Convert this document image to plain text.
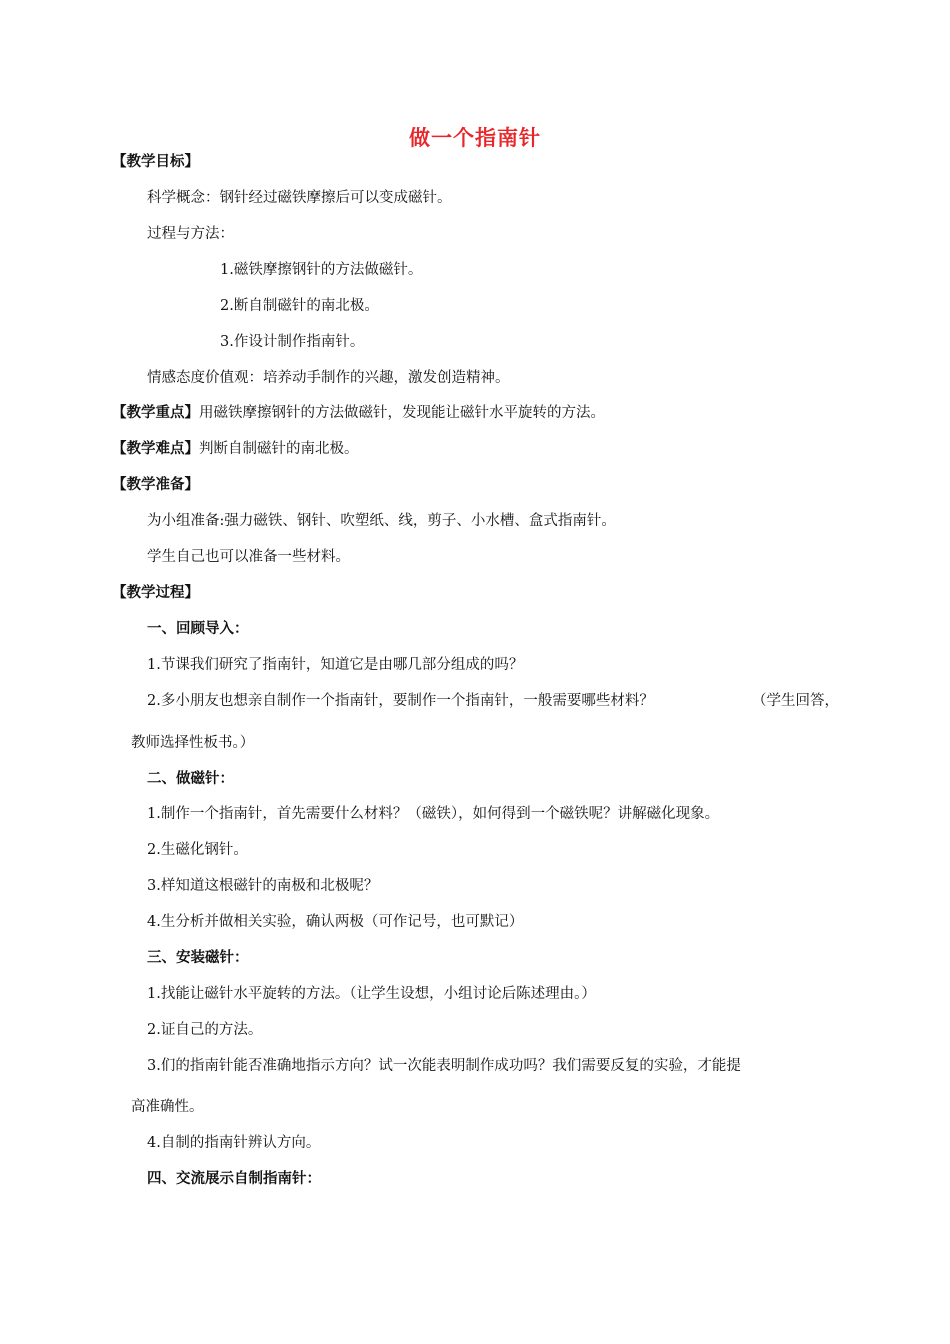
做一个指南针
【教学目标】
科学概念：钢针经过磁铁摩擦后可以变成磁针。
过程与方法：
1.磁铁摩擦钢针的方法做磁针。
2.断自制磁针的南北极。
3.作设计制作指南针。
情感态度价值观：培养动手制作的兴趣，激发创造精神。
【教学重点】用磁铁摩擦钢针的方法做磁针，发现能让磁针水平旋转的方法。
【教学难点】判断自制磁针的南北极。
【教学准备】
为小组准备:强力磁铁、钢针、吹塑纸、线，剪子、小水槽、盒式指南针。
学生自己也可以准备一些材料。
【教学过程】
一、回顾导入：
1.节课我们研究了指南针，知道它是由哪几部分组成的吗？
2.多小朋友也想亲自制作一个指南针，要制作一个指南针，一般需要哪些材料？	（学生回答，
教师选择性板书。）
二、做磁针：
1.制作一个指南针，首先需要什么材料？（磁铁），如何得到一个磁铁呢？讲解磁化现象。
2.生磁化钢针。
3.样知道这根磁针的南极和北极呢？
4.生分析并做相关实验，确认两极（可作记号，也可默记）
三、安装磁针：
1.找能让磁针水平旋转的方法。（让学生设想，小组讨论后陈述理由。）
2.证自己的方法。
3.们的指南针能否准确地指示方向？试一次能表明制作成功吗？我们需要反复的实验，才能提
高准确性。
4.自制的指南针辨认方向。
四、交流展示自制指南针：
